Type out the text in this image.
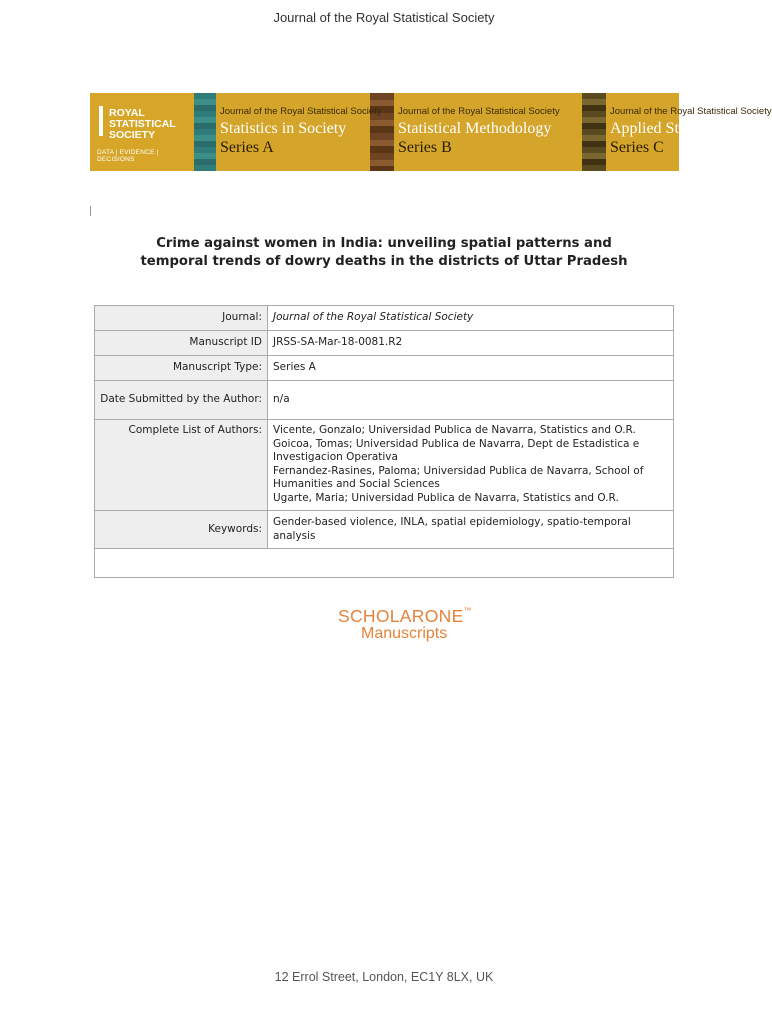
Journal of the Royal Statistical Society
ROYAL
STATISTICAL
SOCIETY
DATA | EVIDENCE | DECISIONS
Journal of the Royal Statistical Society
Statistics in Society
Series A
Journal of the Royal Statistical Society
Statistical Methodology
Series B
Journal of the Royal Statistical Society
Applied Statistics
Series C
Crime against women in India: unveiling spatial patterns and temporal trends of dowry deaths in the districts of Uttar Pradesh
Journal:	Journal of the Royal Statistical Society
Manuscript ID	JRSS-SA-Mar-18-0081.R2
Manuscript Type:	Series A
Date Submitted by the Author:	n/a
Complete List of Authors:	Vicente, Gonzalo; Universidad Publica de Navarra, Statistics and O.R.
Goicoa, Tomas; Universidad Publica de Navarra, Dept de Estadistica e Investigacion Operativa
Fernandez-Rasines, Paloma; Universidad Publica de Navarra, School of Humanities and Social Sciences
Ugarte, Maria; Universidad Publica de Navarra, Statistics and O.R.

Keywords:	Gender-based violence, INLA, spatial epidemiology, spatio-temporal analysis

SCHOLARONE™
Manuscripts
12 Errol Street, London, EC1Y 8LX, UK
